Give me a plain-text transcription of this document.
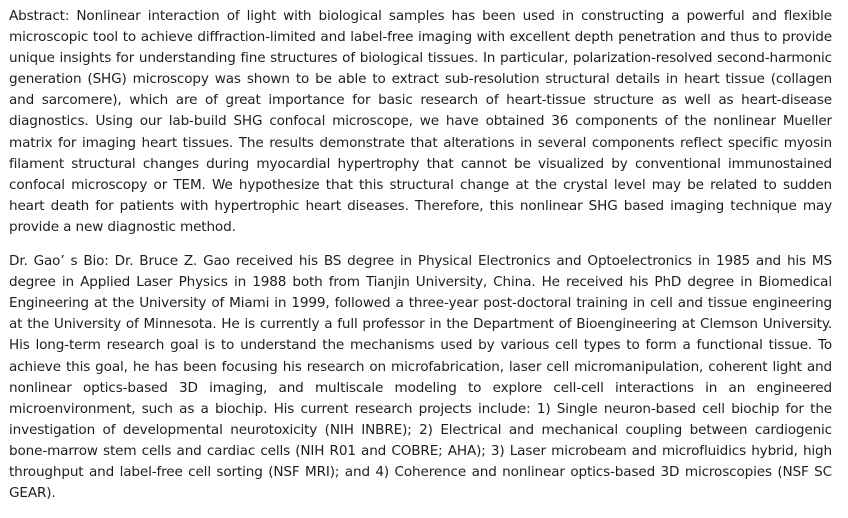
Abstract: Nonlinear interaction of light with biological samples has been used in constructing a powerful and flexible microscopic tool to achieve diffraction-limited and label-free imaging with excellent depth penetration and thus to provide unique insights for understanding fine structures of biological tissues. In particular, polarization-resolved second-harmonic generation (SHG) microscopy was shown to be able to extract sub-resolution structural details in heart tissue (collagen and sarcomere), which are of great importance for basic research of heart-tissue structure as well as heart-disease diagnostics. Using our lab-build SHG confocal microscope, we have obtained 36 components of the nonlinear Mueller matrix for imaging heart tissues. The results demonstrate that alterations in several components reflect specific myosin filament structural changes during myocardial hypertrophy that cannot be visualized by conventional immunostained confocal microscopy or TEM. We hypothesize that this structural change at the crystal level may be related to sudden heart death for patients with hypertrophic heart diseases. Therefore, this nonlinear SHG based imaging technique may provide a new diagnostic method.

Dr. Gao’ s Bio: Dr. Bruce Z. Gao received his BS degree in Physical Electronics and Optoelectronics in 1985 and his MS degree in Applied Laser Physics in 1988 both from Tianjin University, China. He received his PhD degree in Biomedical Engineering at the University of Miami in 1999, followed a three-year post-doctoral training in cell and tissue engineering at the University of Minnesota. He is currently a full professor in the Department of Bioengineering at Clemson University. His long-term research goal is to understand the mechanisms used by various cell types to form a functional tissue. To achieve this goal, he has been focusing his research on microfabrication, laser cell micromanipulation, coherent light and nonlinear optics-based 3D imaging, and multiscale modeling to explore cell-cell interactions in an engineered microenvironment, such as a biochip. His current research projects include: 1) Single neuron-based cell biochip for the investigation of developmental neurotoxicity (NIH INBRE); 2) Electrical and mechanical coupling between cardiogenic bone-marrow stem cells and cardiac cells (NIH R01 and COBRE; AHA); 3) Laser microbeam and microfluidics hybrid, high throughput and label-free cell sorting (NSF MRI); and 4) Coherence and nonlinear optics-based 3D microscopies (NSF SC GEAR).
